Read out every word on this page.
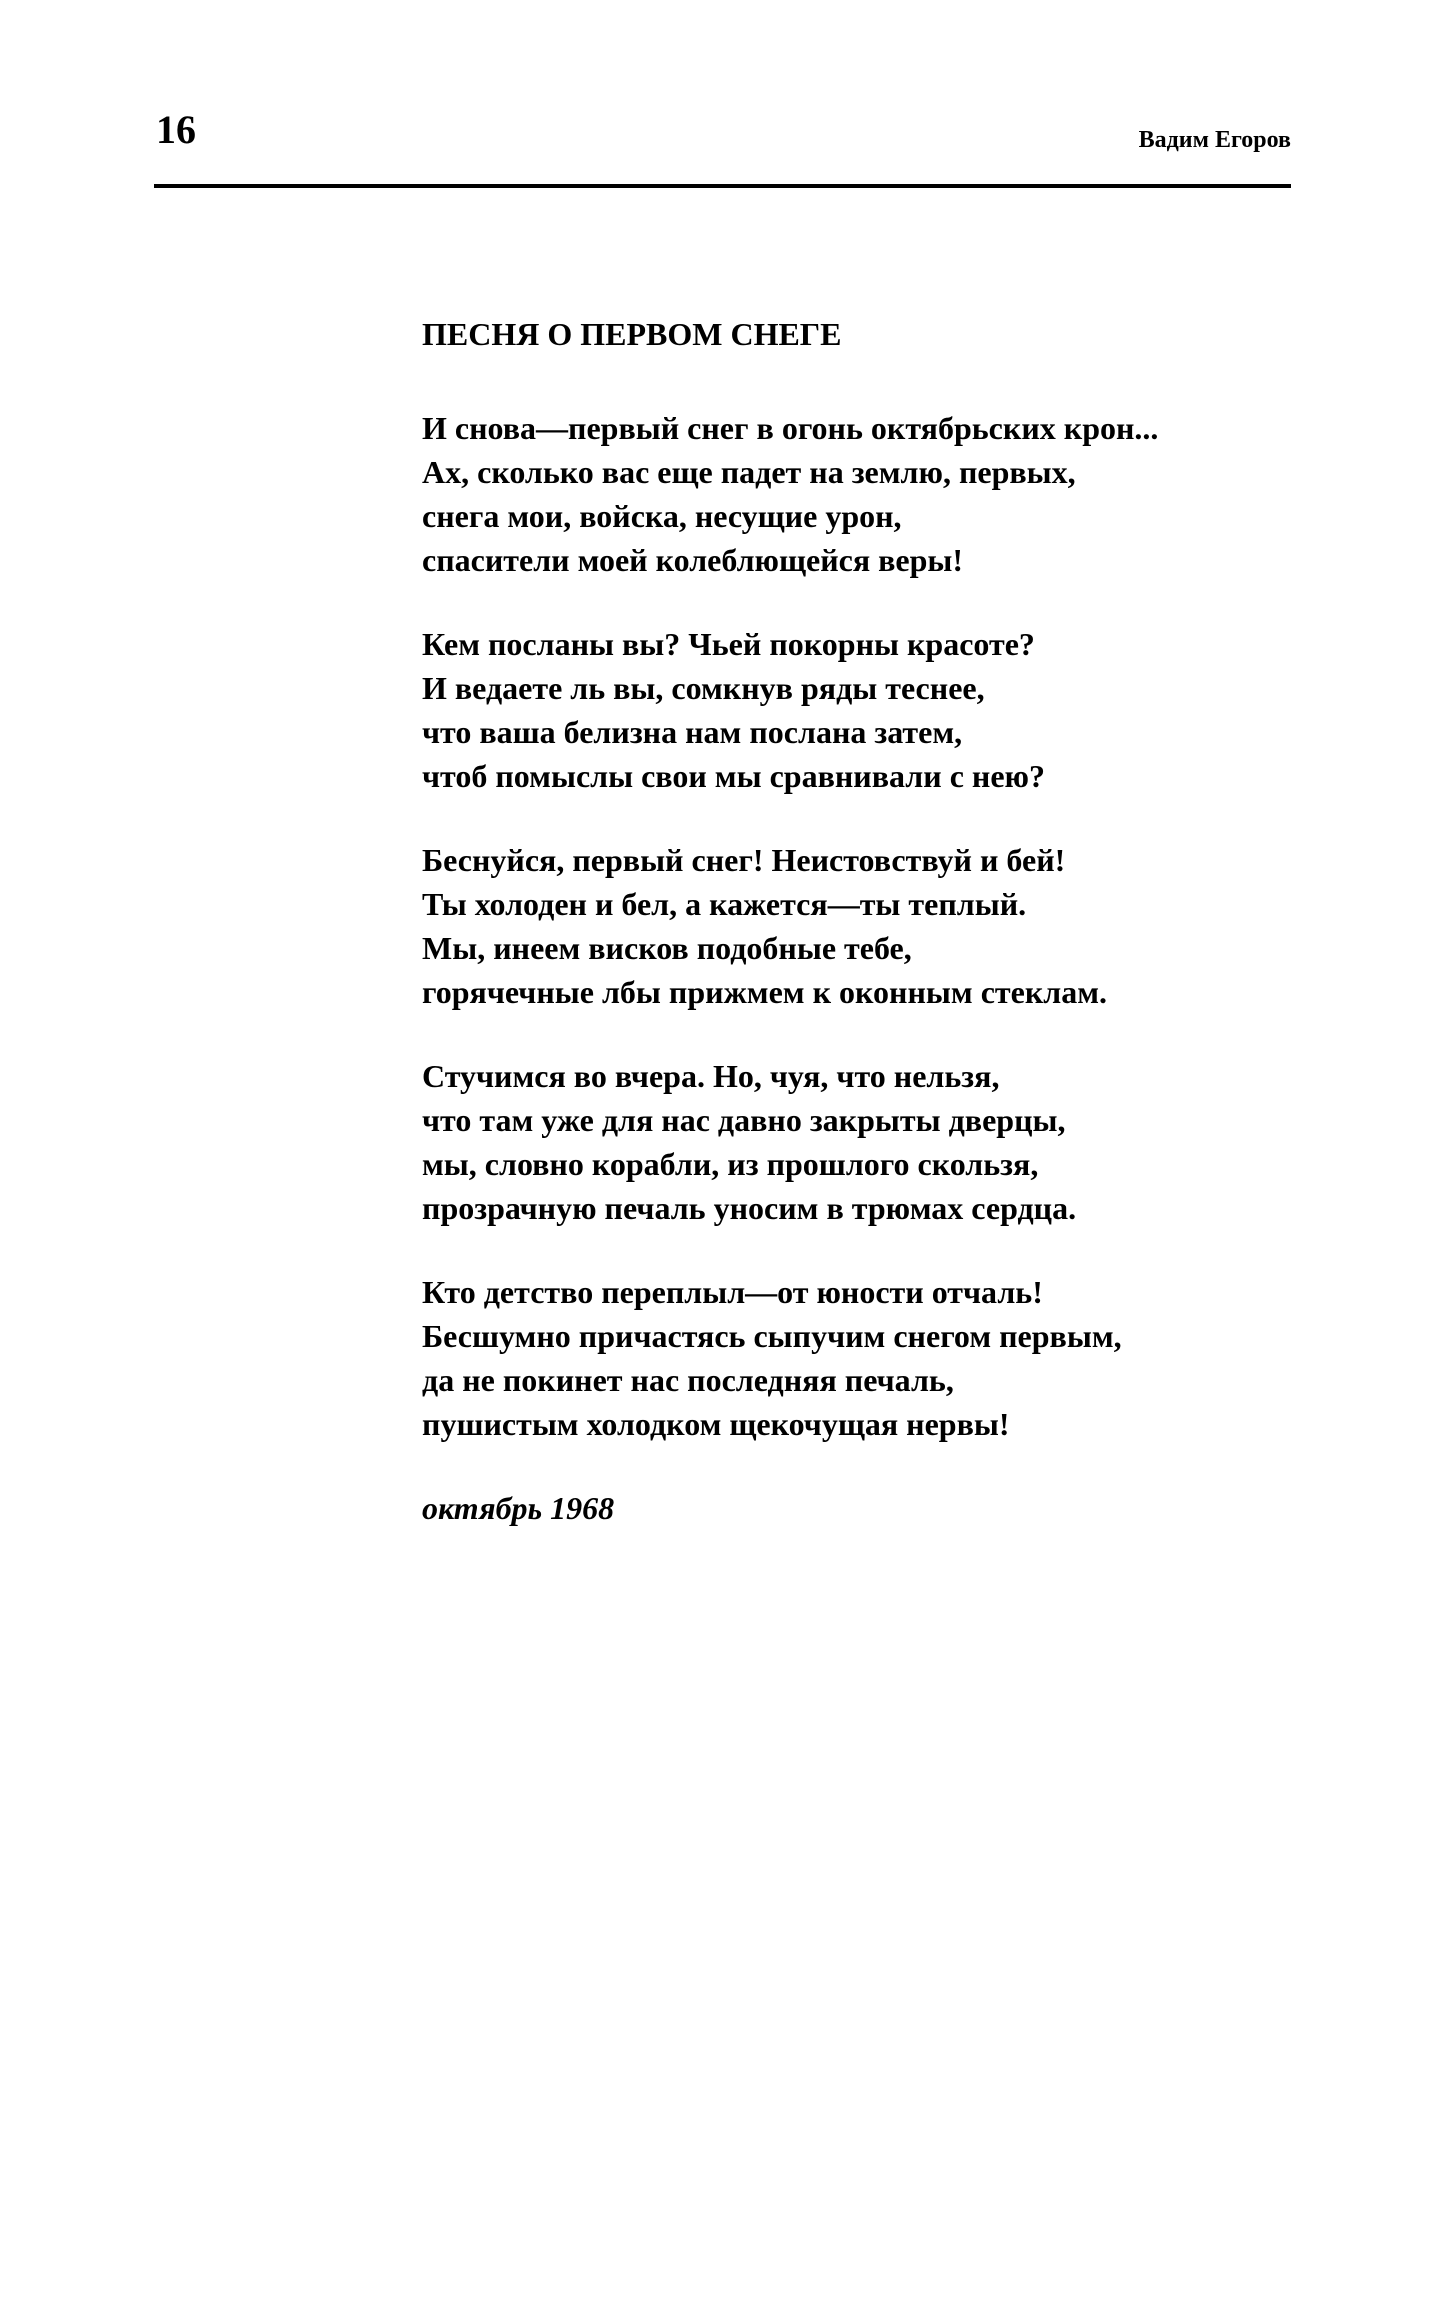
16	Вадим Егоров
ПЕСНЯ О ПЕРВОМ СНЕГЕ
И снова—первый снег в огонь октябрьских крон...
Ах, сколько вас еще падет на землю, первых,
снега мои, войска, несущие урон,
спасители моей колеблющейся веры!
Кем посланы вы? Чьей покорны красоте?
И ведаете ль вы, сомкнув ряды теснее,
что ваша белизна нам послана затем,
чтоб помыслы свои мы сравнивали с нею?
Беснуйся, первый снег! Неистовствуй и бей!
Ты холоден и бел, а кажется—ты теплый.
Мы, инеем висков подобные тебе,
горячечные лбы прижмем к оконным стеклам.
Стучимся во вчера. Но, чуя, что нельзя,
что там уже для нас давно закрыты дверцы,
мы, словно корабли, из прошлого скользя,
прозрачную печаль уносим в трюмах сердца.
Кто детство переплыл—от юности отчаль!
Бесшумно причастясь сыпучим снегом первым,
да не покинет нас последняя печаль,
пушистым холодком щекочущая нервы!
октябрь 1968
